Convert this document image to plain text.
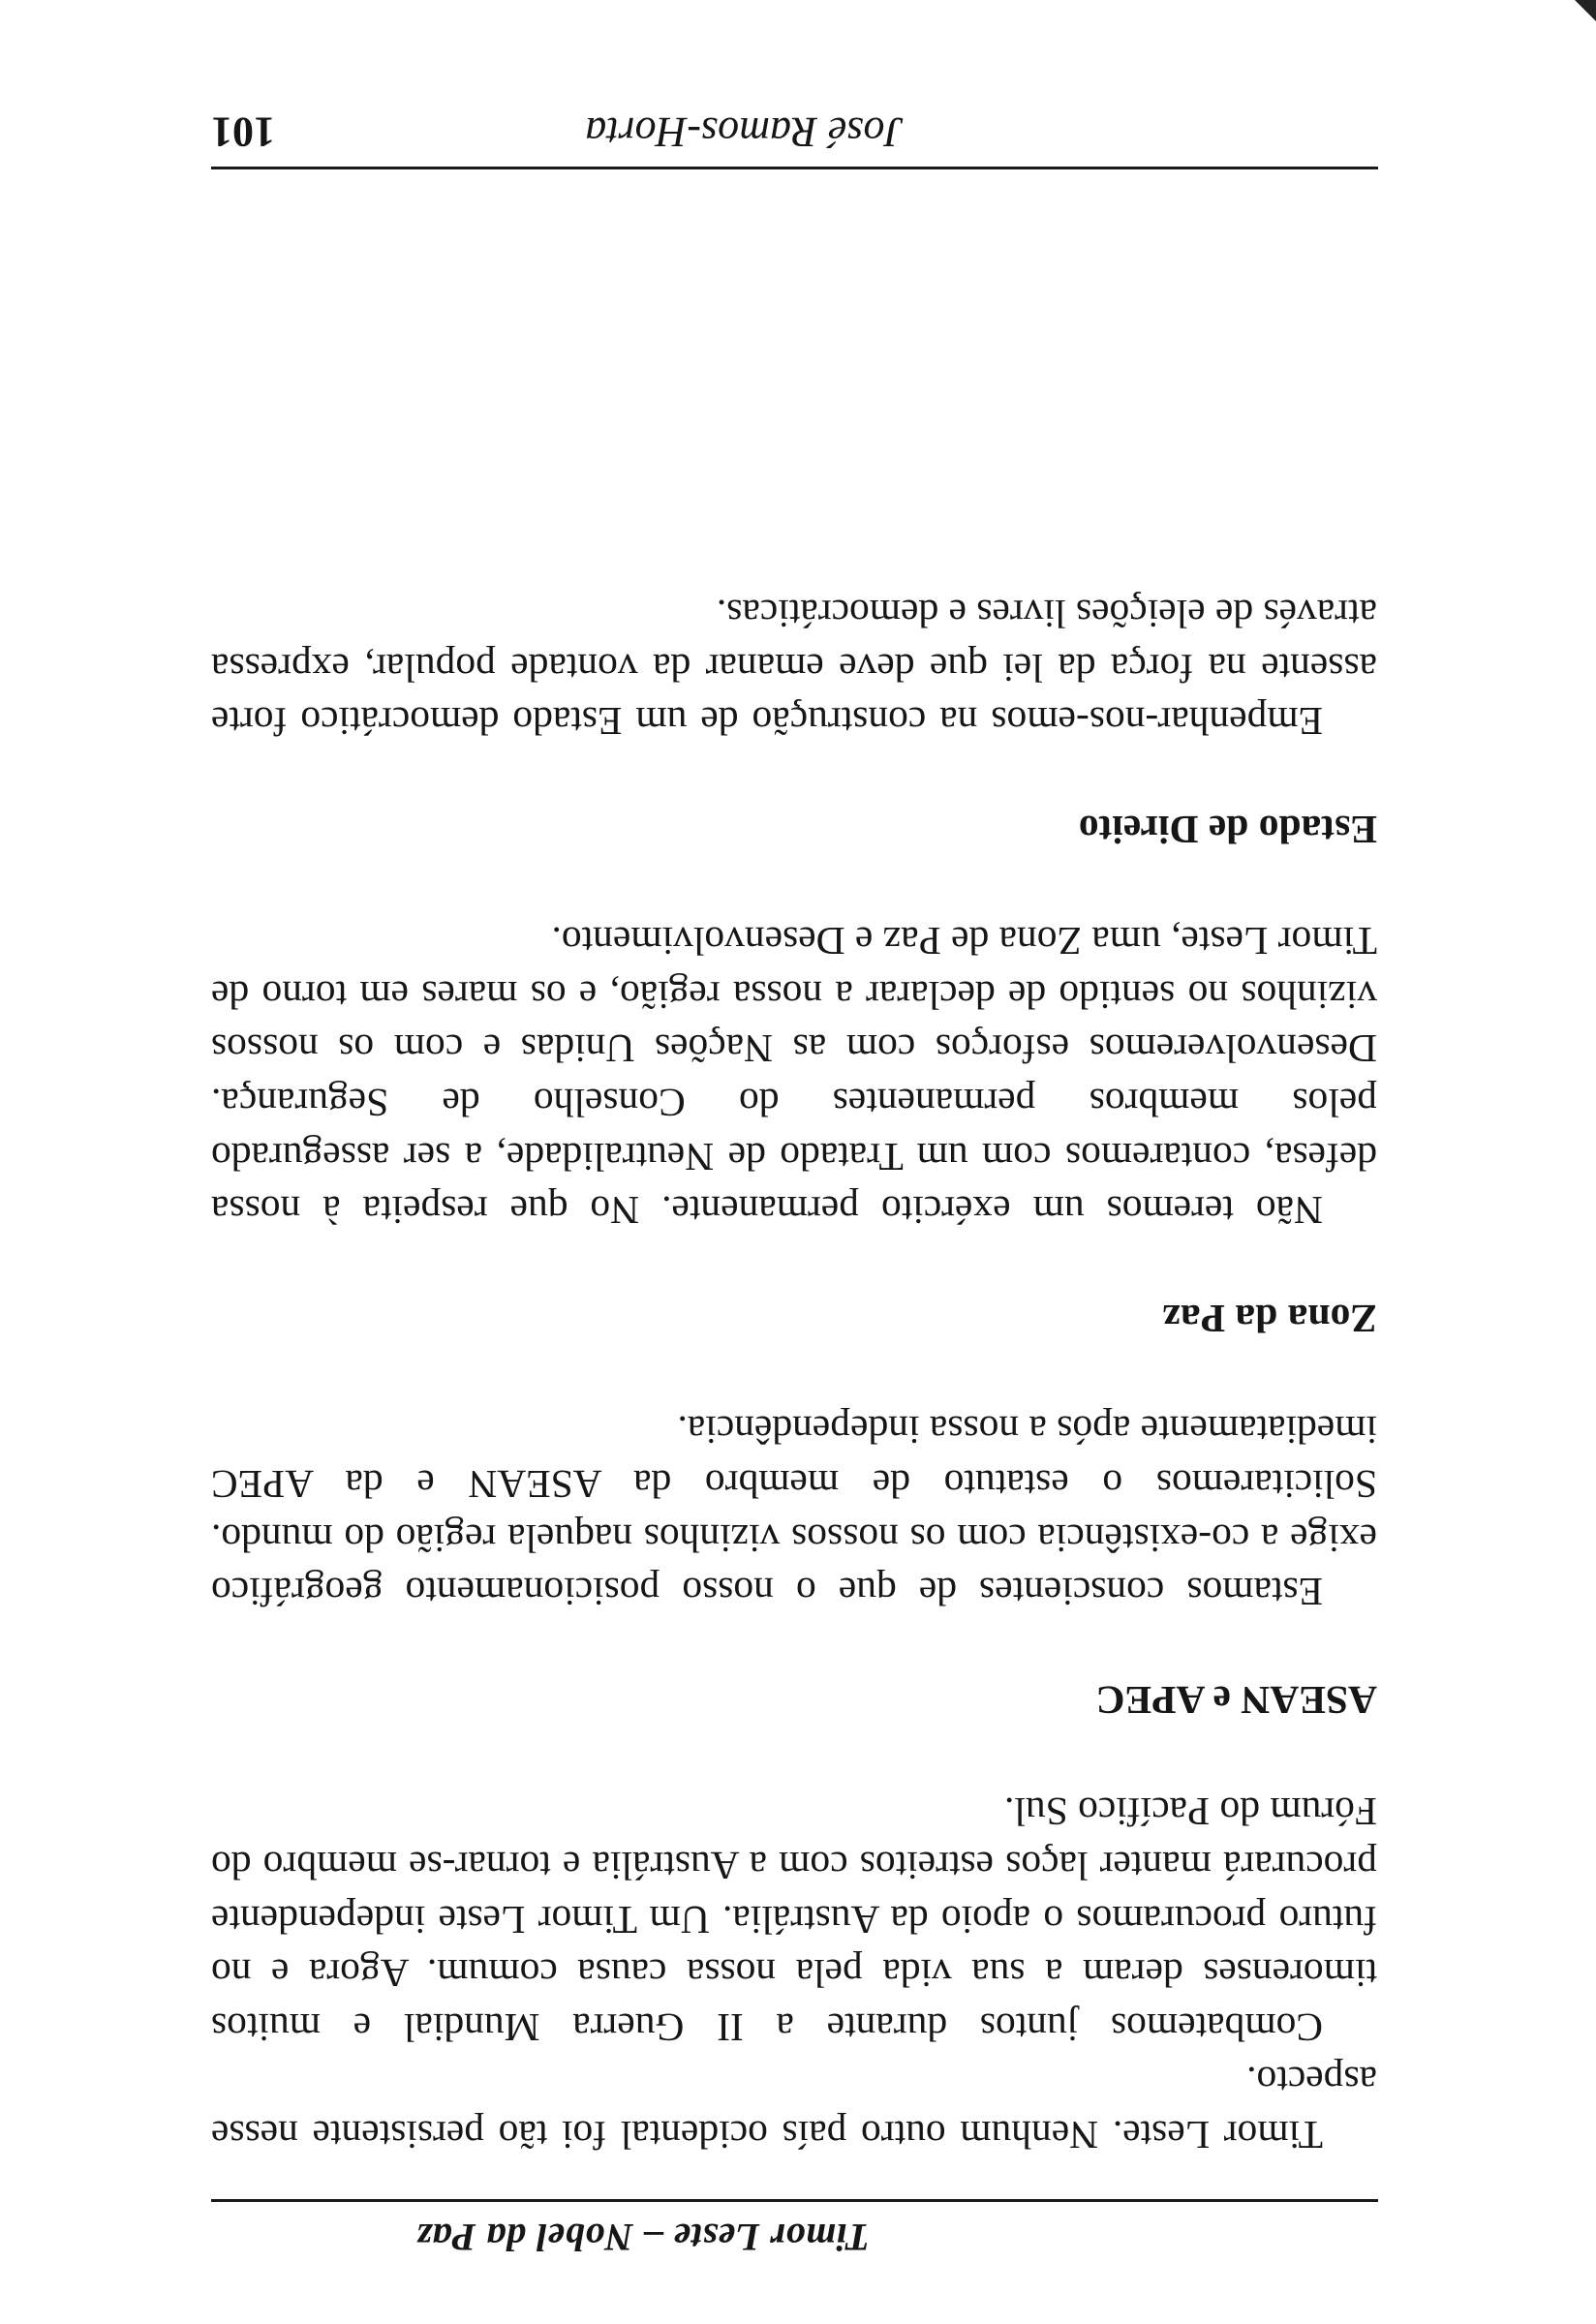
Timor Leste – Nobel da Paz

Timor Leste. Nenhum outro país ocidental foi tão persistente nesse aspecto.

Combatemos juntos durante a II Guerra Mundial e muitos timorenses deram a sua vida pela nossa causa comum. Agora e no futuro procuramos o apoio da Austrália. Um Timor Leste independente procurará manter laços estreitos com a Austrália e tornar-se membro do Fórum do Pacífico Sul.

ASEAN e APEC

Estamos conscientes de que o nosso posicionamento geográfico exige a co-existência com os nossos vizinhos naquela região do mundo. Solicitaremos o estatuto de membro da ASEAN e da APEC imediatamente após a nossa independência.

Zona da Paz

Não teremos um exército permanente. No que respeita à nossa defesa, contaremos com um Tratado de Neutralidade, a ser assegurado pelos membros permanentes do Conselho de Segurança. Desenvolveremos esforços com as Nações Unidas e com os nossos vizinhos no sentido de declarar a nossa região, e os mares em torno de Timor Leste, uma Zona de Paz e Desenvolvimento.

Estado de Direito

Empenhar-nos-emos na construção de um Estado democrático forte assente na força da lei que deve emanar da vontade popular, expressa através de eleições livres e democráticas.

José Ramos-Horta
101
